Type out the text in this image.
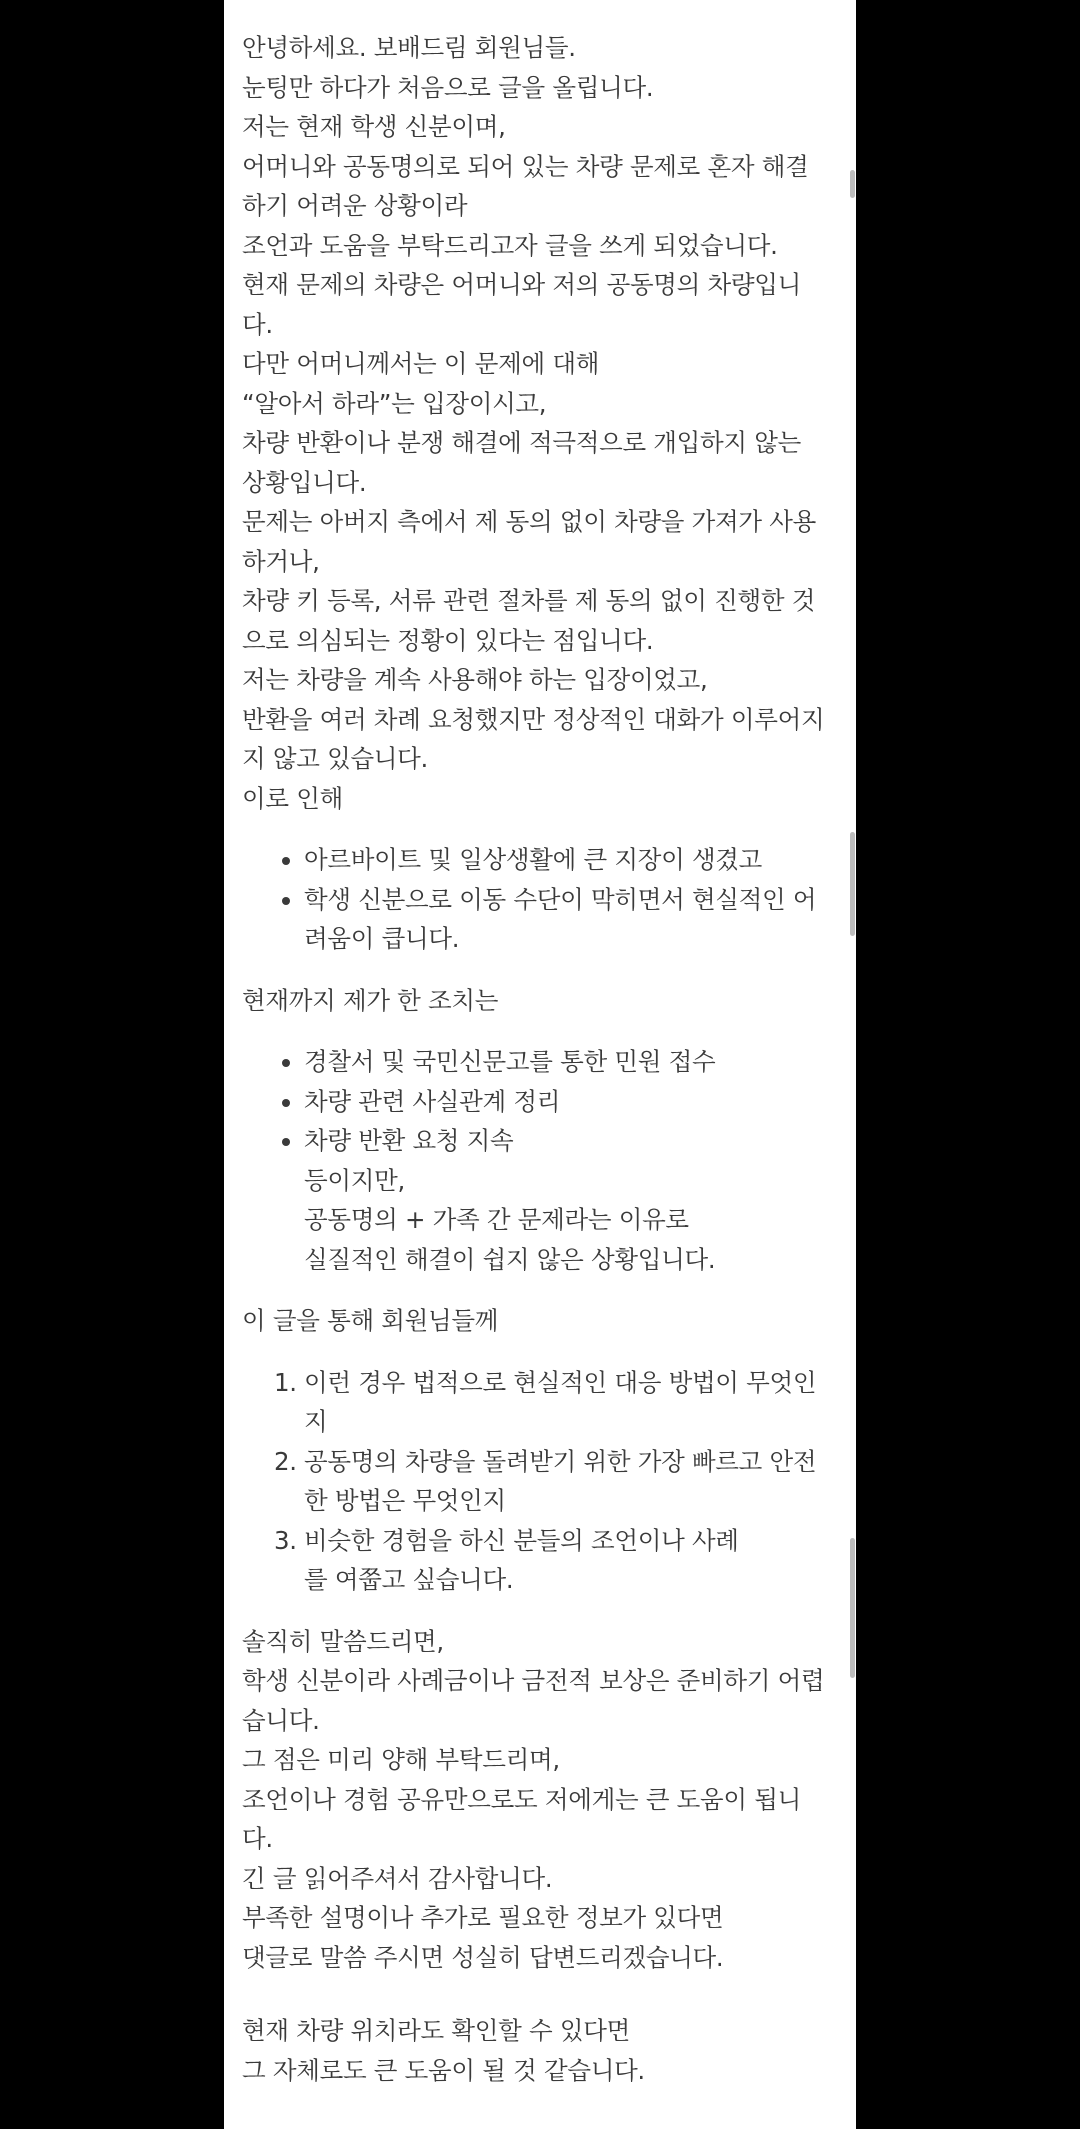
안녕하세요. 보배드림 회원님들.

눈팅만 하다가 처음으로 글을 올립니다.

저는 현재 학생 신분이며,

어머니와 공동명의로 되어 있는 차량 문제로 혼자 해결

하기 어려운 상황이라

조언과 도움을 부탁드리고자 글을 쓰게 되었습니다.

현재 문제의 차량은 어머니와 저의 공동명의 차량입니

다.

다만 어머니께서는 이 문제에 대해

“알아서 하라”는 입장이시고,

차량 반환이나 분쟁 해결에 적극적으로 개입하지 않는

상황입니다.

문제는 아버지 측에서 제 동의 없이 차량을 가져가 사용

하거나,

차량 키 등록, 서류 관련 절차를 제 동의 없이 진행한 것

으로 의심되는 정황이 있다는 점입니다.

저는 차량을 계속 사용해야 하는 입장이었고,

반환을 여러 차례 요청했지만 정상적인 대화가 이루어지

지 않고 있습니다.

이로 인해

아르바이트 및 일상생활에 큰 지장이 생겼고
학생 신분으로 이동 수단이 막히면서 현실적인 어

려움이 큽니다.

현재까지 제가 한 조치는

경찰서 및 국민신문고를 통한 민원 접수
차량 관련 사실관계 정리
차량 반환 요청 지속

등이지만,

공동명의 + 가족 간 문제라는 이유로

실질적인 해결이 쉽지 않은 상황입니다.

이 글을 통해 회원님들께

1. 이런 경우 법적으로 현실적인 대응 방법이 무엇인
지
2. 공동명의 차량을 돌려받기 위한 가장 빠르고 안전
한 방법은 무엇인지
3. 비슷한 경험을 하신 분들의 조언이나 사례
를 여쭙고 싶습니다.

솔직히 말씀드리면,

학생 신분이라 사례금이나 금전적 보상은 준비하기 어렵

습니다.

그 점은 미리 양해 부탁드리며,

조언이나 경험 공유만으로도 저에게는 큰 도움이 됩니

다.

긴 글 읽어주셔서 감사합니다.

부족한 설명이나 추가로 필요한 정보가 있다면

댓글로 말씀 주시면 성실히 답변드리겠습니다.

현재 차량 위치라도 확인할 수 있다면

그 자체로도 큰 도움이 될 것 같습니다.
